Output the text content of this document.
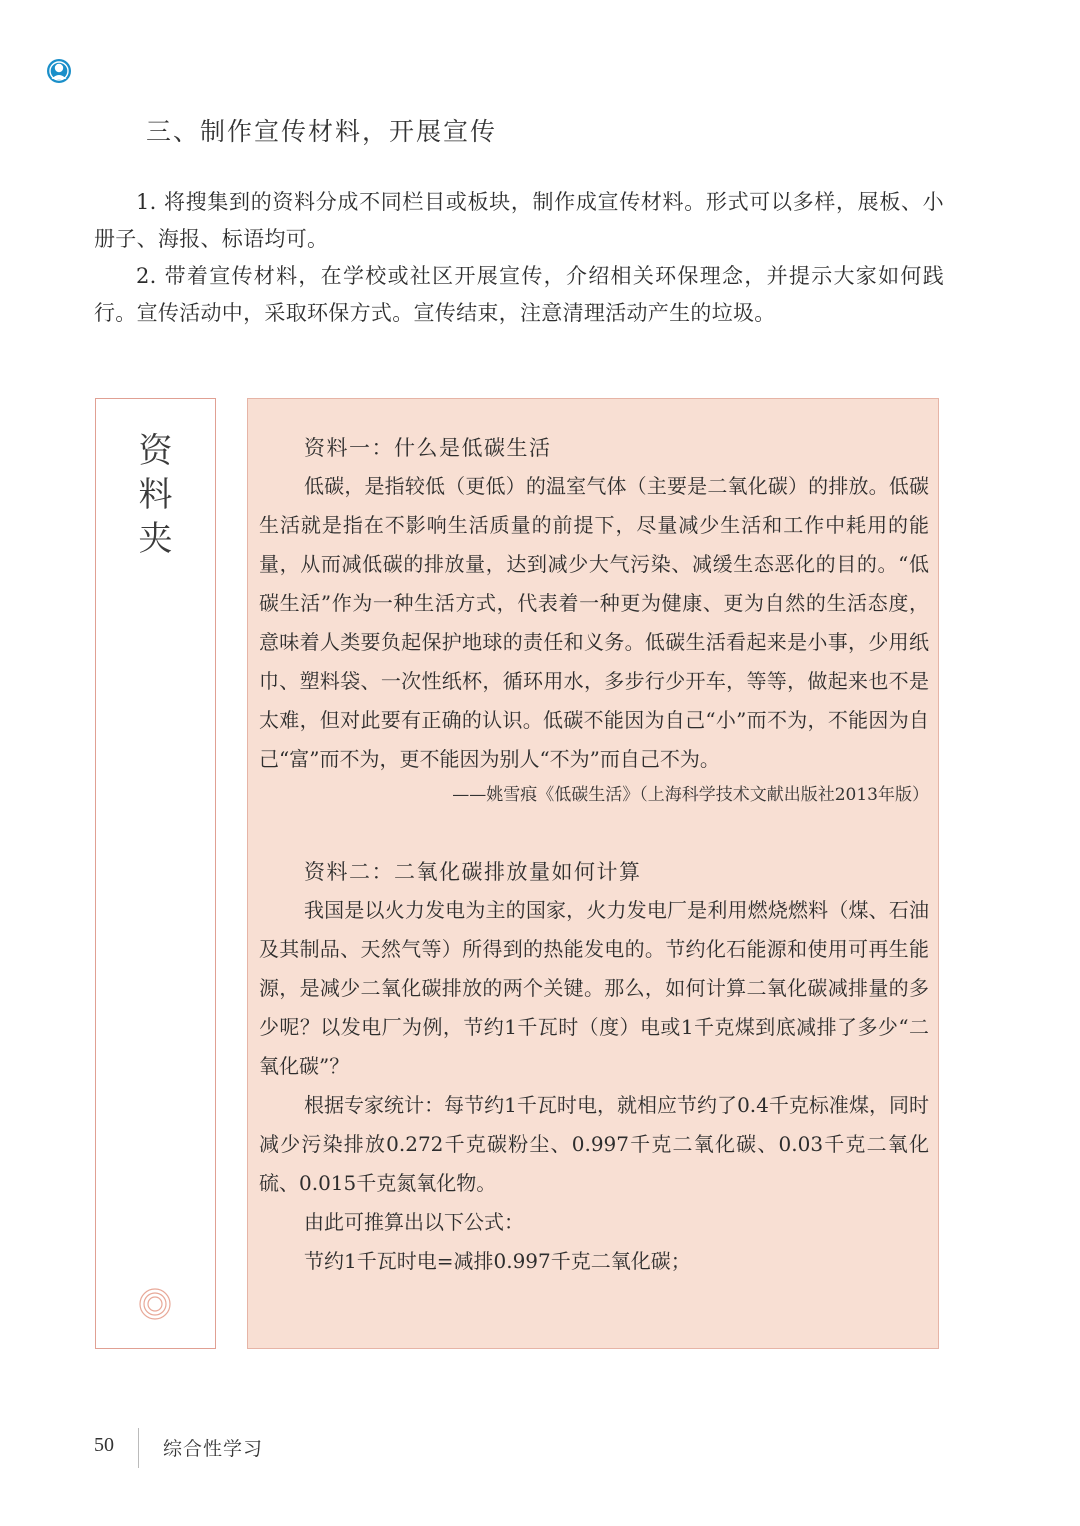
三、制作宣传材料，开展宣传

1. 将搜集到的资料分成不同栏目或板块，制作成宣传材料。形式可以多样，展板、小册子、海报、标语均可。

2. 带着宣传材料，在学校或社区开展宣传，介绍相关环保理念，并提示大家如何践行。宣传活动中，采取环保方式。宣传结束，注意清理活动产生的垃圾。

资
料
夹
资料一：什么是低碳生活

低碳，是指较低（更低）的温室气体（主要是二氧化碳）的排放。低碳生活就是指在不影响生活质量的前提下，尽量减少生活和工作中耗用的能量，从而减低碳的排放量，达到减少大气污染、减缓生态恶化的目的。“低碳生活”作为一种生活方式，代表着一种更为健康、更为自然的生活态度，意味着人类要负起保护地球的责任和义务。低碳生活看起来是小事，少用纸巾、塑料袋、一次性纸杯，循环用水，多步行少开车，等等，做起来也不是太难，但对此要有正确的认识。低碳不能因为自己“小”而不为，不能因为自己“富”而不为，更不能因为别人“不为”而自己不为。

——姚雪痕《低碳生活》（上海科学技术文献出版社2013年版）

资料二：二氧化碳排放量如何计算

我国是以火力发电为主的国家，火力发电厂是利用燃烧燃料（煤、石油及其制品、天然气等）所得到的热能发电的。节约化石能源和使用可再生能源，是减少二氧化碳排放的两个关键。那么，如何计算二氧化碳减排量的多少呢？以发电厂为例，节约1千瓦时（度）电或1千克煤到底减排了多少“二氧化碳”？

根据专家统计：每节约1千瓦时电，就相应节约了0.4千克标准煤，同时减少污染排放0.272千克碳粉尘、0.997千克二氧化碳、0.03千克二氧化硫、0.015千克氮氧化物。

由此可推算出以下公式：

节约1千瓦时电=减排0.997千克二氧化碳；

50	综合性学习
